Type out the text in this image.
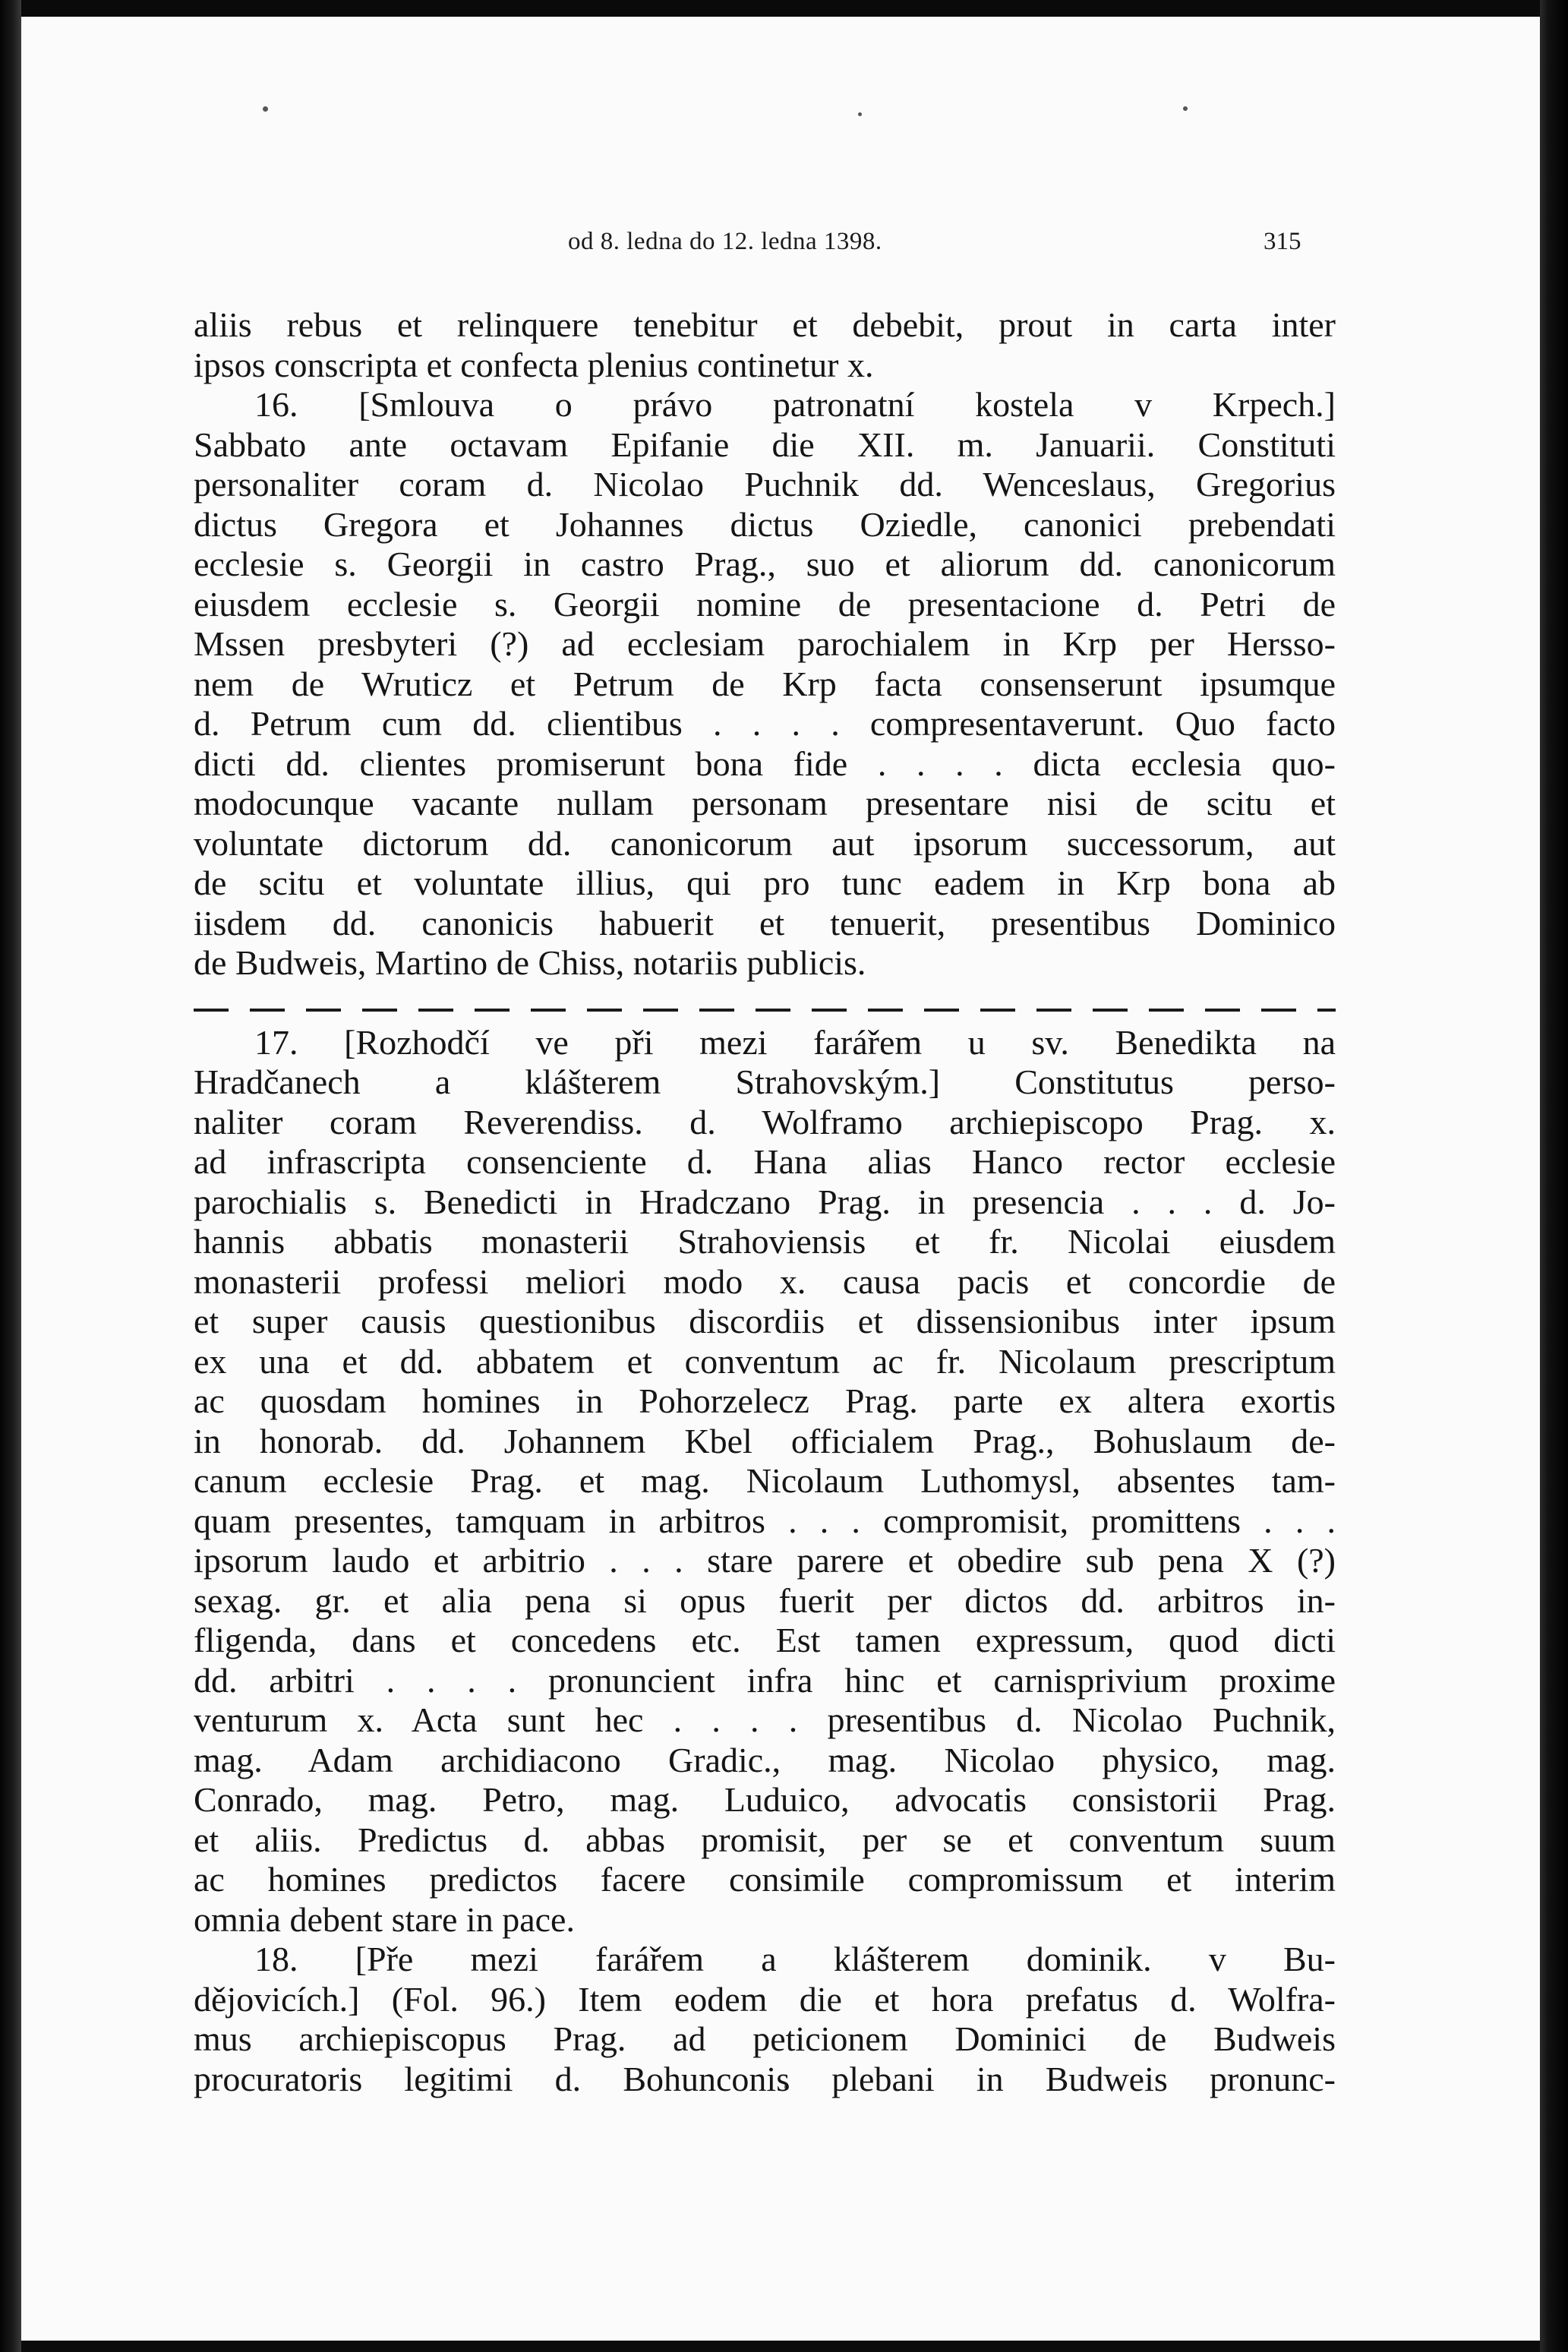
od 8. ledna do 12. ledna 1398.	315

aliis rebus et relinquere tenebitur et debebit, prout in carta inter
ipsos conscripta et confecta plenius continetur x.

16. [Smlouva o právo patronatní kostela v Krpech.]
Sabbato ante octavam Epifanie die XII. m. Januarii. Constituti
personaliter coram d. Nicolao Puchnik dd. Wenceslaus, Gregorius
dictus Gregora et Johannes dictus Oziedle, canonici prebendati
ecclesie s. Georgii in castro Prag., suo et aliorum dd. canonicorum
eiusdem ecclesie s. Georgii nomine de presentacione d. Petri de
Mssen presbyteri (?) ad ecclesiam parochialem in Krp per Hersso-
nem de Wruticz et Petrum de Krp facta consenserunt ipsumque
d. Petrum cum dd. clientibus . . . . compresentaverunt. Quo facto
dicti dd. clientes promiserunt bona fide . . . . dicta ecclesia quo-
modocunque vacante nullam personam presentare nisi de scitu et
voluntate dictorum dd. canonicorum aut ipsorum successorum, aut
de scitu et voluntate illius, qui pro tunc eadem in Krp bona ab
iisdem dd. canonicis habuerit et tenuerit, presentibus Dominico
de Budweis, Martino de Chiss, notariis publicis.

17. [Rozhodčí ve při mezi farářem u sv. Benedikta na
Hradčanech a klášterem Strahovským.] Constitutus perso-
naliter coram Reverendiss. d. Wolframo archiepiscopo Prag. x.
ad infrascripta consenciente d. Hana alias Hanco rector ecclesie
parochialis s. Benedicti in Hradczano Prag. in presencia . . . d. Jo-
hannis abbatis monasterii Strahoviensis et fr. Nicolai eiusdem
monasterii professi meliori modo x. causa pacis et concordie de
et super causis questionibus discordiis et dissensionibus inter ipsum
ex una et dd. abbatem et conventum ac fr. Nicolaum prescriptum
ac quosdam homines in Pohorzelecz Prag. parte ex altera exortis
in honorab. dd. Johannem Kbel officialem Prag., Bohuslaum de-
canum ecclesie Prag. et mag. Nicolaum Luthomysl, absentes tam-
quam presentes, tamquam in arbitros . . . compromisit, promittens . . .
ipsorum laudo et arbitrio . . . stare parere et obedire sub pena X (?)
sexag. gr. et alia pena si opus fuerit per dictos dd. arbitros in-
fligenda, dans et concedens etc. Est tamen expressum, quod dicti
dd. arbitri . . . . pronuncient infra hinc et carnisprivium proxime
venturum x. Acta sunt hec . . . . presentibus d. Nicolao Puchnik,
mag. Adam archidiacono Gradic., mag. Nicolao physico, mag.
Conrado, mag. Petro, mag. Luduico, advocatis consistorii Prag.
et aliis. Predictus d. abbas promisit, per se et conventum suum
ac homines predictos facere consimile compromissum et interim
omnia debent stare in pace.

18. [Pře mezi farářem a klášterem dominik. v Bu-
dějovicích.] (Fol. 96.) Item eodem die et hora prefatus d. Wolfra-
mus archiepiscopus Prag. ad peticionem Dominici de Budweis
procuratoris legitimi d. Bohunconis plebani in Budweis pronunc-
